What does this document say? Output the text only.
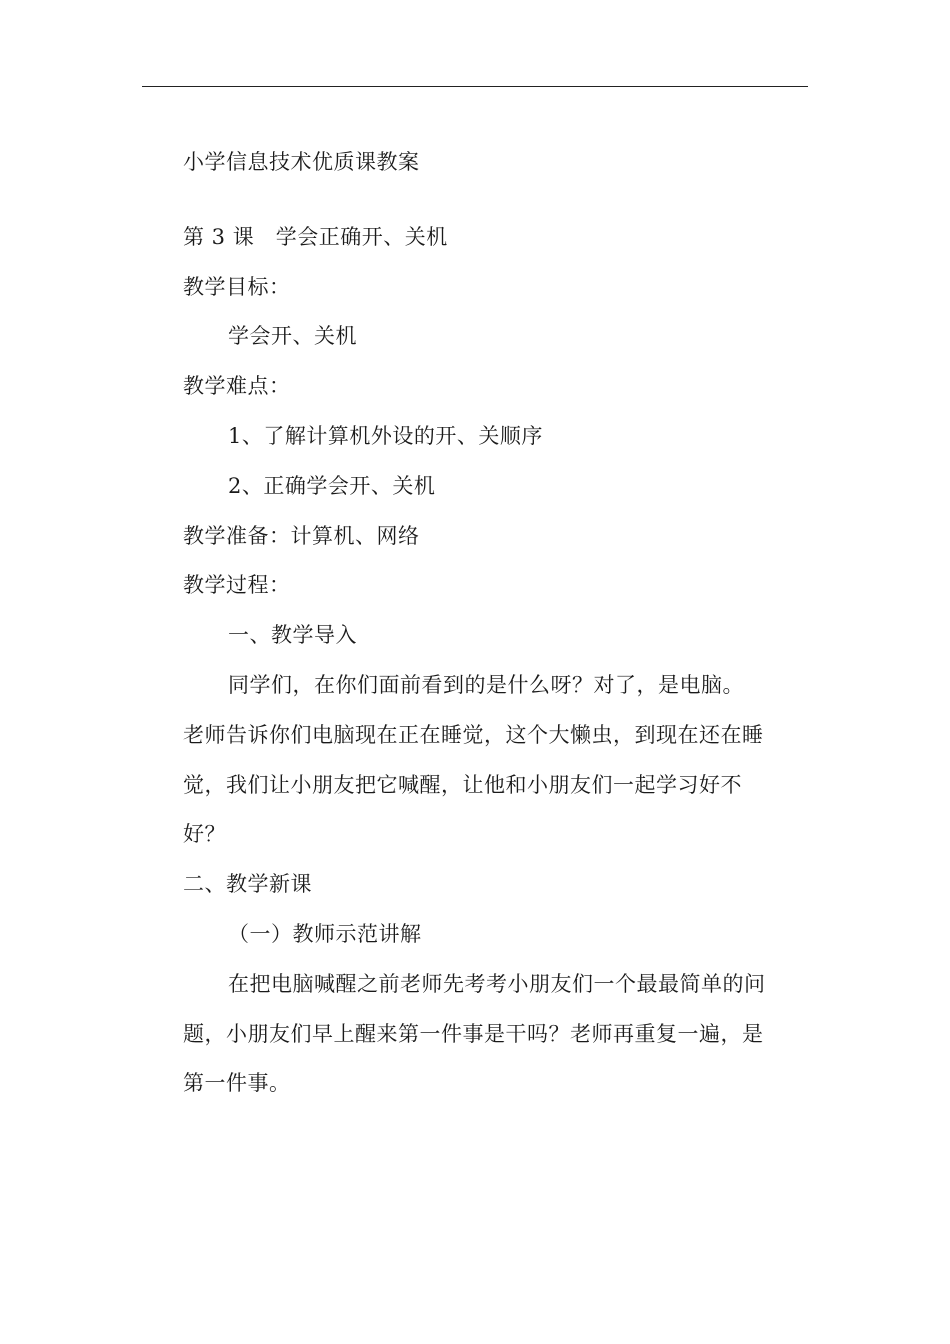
小学信息技术优质课教案
第 3 课　学会正确开、关机
教学目标：
学会开、关机
教学难点：
1、了解计算机外设的开、关顺序
2、正确学会开、关机
教学准备：计算机、网络
教学过程：
一、教学导入
同学们，在你们面前看到的是什么呀？对了，是电脑。
老师告诉你们电脑现在正在睡觉，这个大懒虫，到现在还在睡
觉，我们让小朋友把它喊醒，让他和小朋友们一起学习好不
好？
二、教学新课
（一）教师示范讲解
在把电脑喊醒之前老师先考考小朋友们一个最最简单的问
题，小朋友们早上醒来第一件事是干吗？老师再重复一遍，是
第一件事。
